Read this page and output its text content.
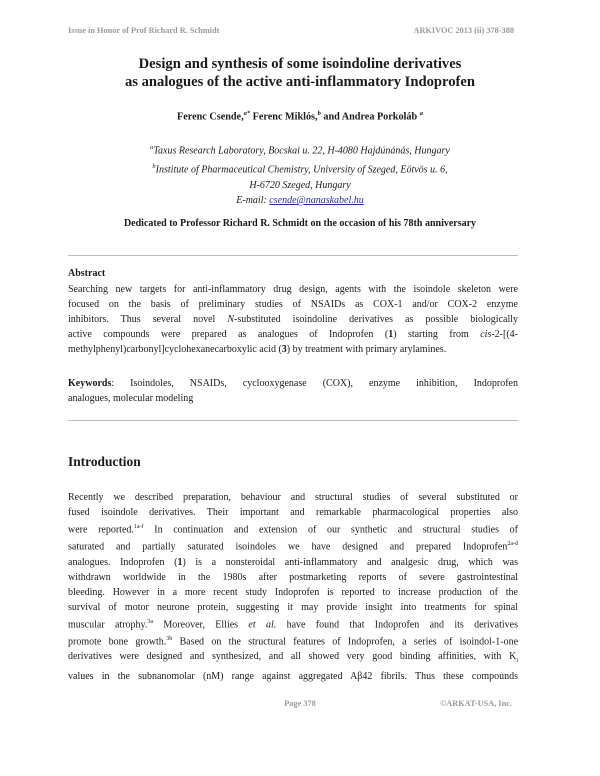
Issue in Honor of Prof Richard R. Schmidt	ARKIVOC 2013 (ii) 378-388
Design and synthesis of some isoindoline derivatives
as analogues of the active anti-inflammatory Indoprofen
Ferenc Csende,$^{a*}$ Ferenc Miklós,$^b$ and Andrea Porkoláb $^a$
$^a$Taxus Research Laboratory, Bocskai u. 22, H-4080 Hajdúnánás, Hungary
$^b$Institute of Pharmaceutical Chemistry, University of Szeged, Eötvös u. 6,
H-6720 Szeged, Hungary
E-mail: csende@nanaskabel.hu
Dedicated to Professor Richard R. Schmidt on the occasion of his 78th anniversary
Abstract
Searching new targets for anti-inflammatory drug design, agents with the isoindole skeleton were
focused on the basis of preliminary studies of NSAIDs as COX-1 and/or COX-2 enzyme
inhibitors. Thus several novel N-substituted isoindoline derivatives as possible biologically
active compounds were prepared as analogues of Indoprofen (1) starting from cis-2-[(4-
methylphenyl)carbonyl]cyclohexanecarboxylic acid (3) by treatment with primary arylamines.
Keywords: Isoindoles, NSAIDs, cyclooxygenase (COX), enzyme inhibition, Indoprofen
analogues, molecular modeling
Introduction
Recently we described preparation, behaviour and structural studies of several substituted or
fused isoindole derivatives. Their important and remarkable pharmacological properties also
were reported.$^{1a-f}$ In continuation and extension of our synthetic and structural studies of
saturated and partially saturated isoindoles we have designed and prepared Indoprofen$^{2a-d}$
analogues. Indoprofen (1) is a nonsteroidal anti-inflammatory and analgesic drug, which was
withdrawn worldwide in the 1980s after postmarketing reports of severe gastrointestinal
bleeding. However in a more recent study Indoprofen is reported to increase production of the
survival of motor neurone protein, suggesting it may provide insight into treatments for spinal
muscular atrophy.$^{3a}$ Moreover, Ellies et al. have found that Indoprofen and its derivatives
promote bone growth.$^{3b}$ Based on the structural features of Indoprofen, a series of isoindol-1-one
derivatives were designed and synthesized, and all showed very good binding affinities, with $K_i$
values in the subnanomolar (nM) range against aggregated Aβ42 fibrils. Thus these compounds
Page 378	©ARKAT-USA, Inc.
